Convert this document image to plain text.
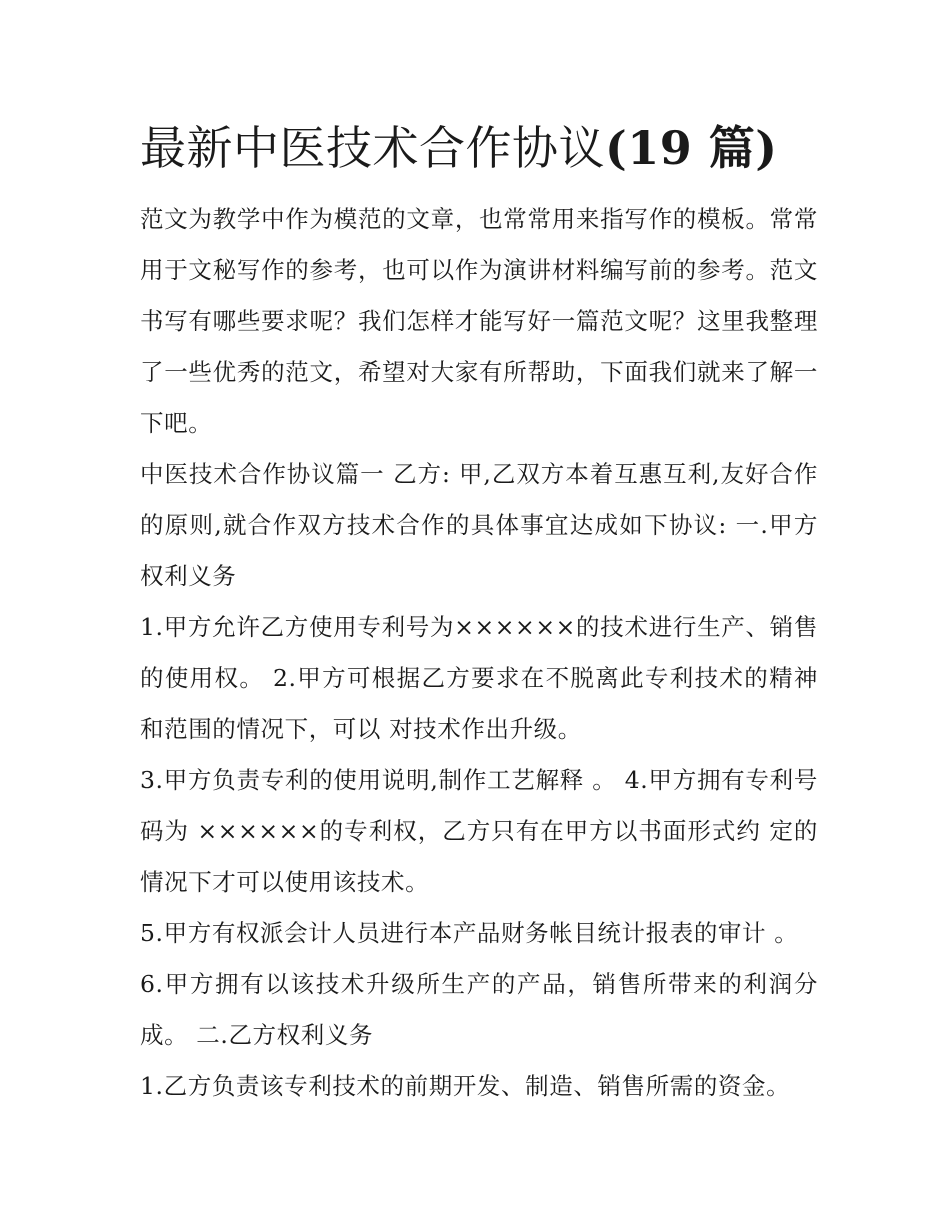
最新中医技术合作协议(19 篇)

范文为教学中作为模范的文章，也常常用来指写作的模板。常常用于文秘写作的参考，也可以作为演讲材料编写前的参考。范文书写有哪些要求呢？我们怎样才能写好一篇范文呢？这里我整理了一些优秀的范文，希望对大家有所帮助，下面我们就来了解一下吧。

中医技术合作协议篇一 乙方: 甲,乙双方本着互惠互利,友好合作的原则,就合作双方技术合作的具体事宜达成如下协议: 一.甲方权利义务

1.甲方允许乙方使用专利号为××××××的技术进行生产、销售的使用权。 2.甲方可根据乙方要求在不脱离此专利技术的精神和范围的情况下，可以 对技术作出升级。

3.甲方负责专利的使用说明,制作工艺解释 。 4.甲方拥有专利号码为 ××××××的专利权，乙方只有在甲方以书面形式约 定的情况下才可以使用该技术。

5.甲方有权派会计人员进行本产品财务帐目统计报表的审计 。

6.甲方拥有以该技术升级所生产的产品，销售所带来的利润分成。 二.乙方权利义务

1.乙方负责该专利技术的前期开发、制造、销售所需的资金。
